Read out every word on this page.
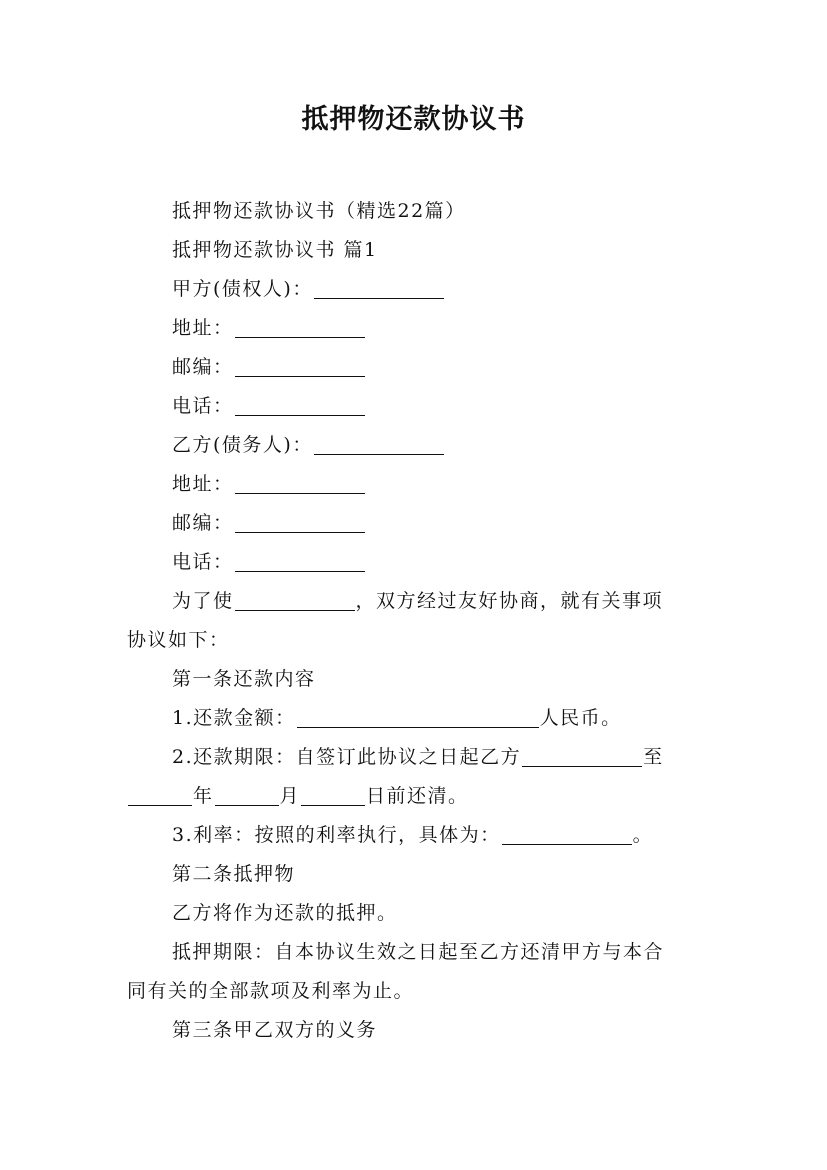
抵押物还款协议书
抵押物还款协议书（精选22篇）
抵押物还款协议书 篇1
甲方(债权人)：
地址：
邮编：
电话：
乙方(债务人)：
地址：
邮编：
电话：
为了使	，双方经过友好协商，就有关事项
协议如下：
第一条还款内容
1.还款金额：	人民币。
2.还款期限：自签订此协议之日起乙方	至
年	月	日前还清。
3.利率：按照的利率执行，具体为：	。
第二条抵押物
乙方将作为还款的抵押。
抵押期限：自本协议生效之日起至乙方还清甲方与本合
同有关的全部款项及利率为止。
第三条甲乙双方的义务
